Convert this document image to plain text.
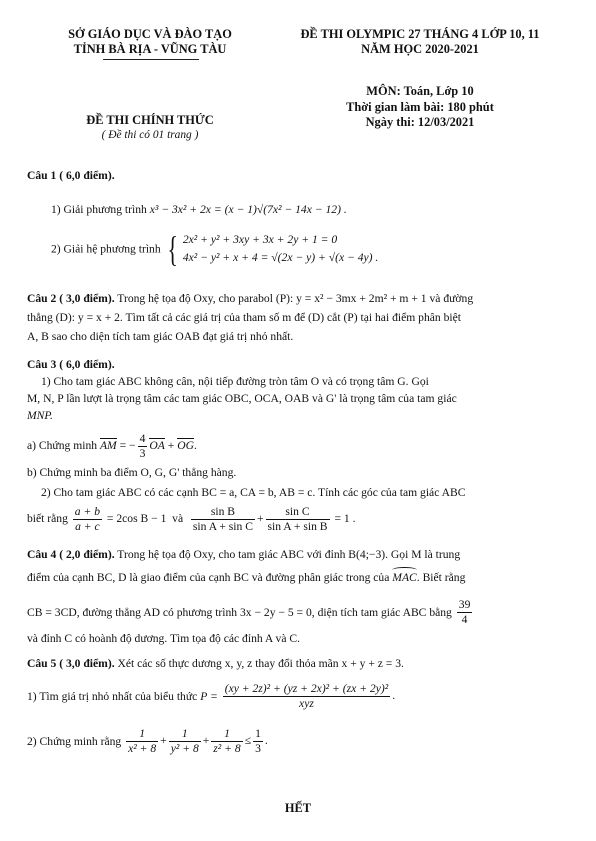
SỞ GIÁO DỤC VÀ ĐÀO TẠO
TỈNH BÀ RỊA - VŨNG TÀU
ĐỀ THI CHÍNH THỨC
( Đề thi có 01 trang )
ĐỀ THI OLYMPIC 27 THÁNG 4 LỚP 10, 11
NĂM HỌC 2020-2021
MÔN: Toán, Lớp 10
Thời gian làm bài: 180 phút
Ngày thi: 12/03/2021
Câu 1 ( 6,0 điểm).
1) Giải phương trình x³ − 3x² + 2x = (x − 1)√(7x² − 14x − 12) .
2) Giải hệ phương trình { 2x² + y² + 3xy + 3x + 2y + 1 = 0
4x² − y² + x + 4 = √(2x − y) + √(x − 4y) .
Câu 2 ( 3,0 điểm). Trong hệ tọa độ Oxy, cho parabol (P): y = x² − 3mx + 2m² + m + 1 và đường
thẳng (D): y = x + 2. Tìm tất cả các giá trị của tham số m để (D) cắt (P) tại hai điểm phân biệt
A, B sao cho diện tích tam giác OAB đạt giá trị nhỏ nhất.
Câu 3 ( 6,0 điểm).
1) Cho tam giác ABC không cân, nội tiếp đường tròn tâm O và có trọng tâm G. Gọi
M, N, P lần lượt là trọng tâm các tam giác OBC, OCA, OAB và G' là trọng tâm của tam giác
MNP.
a) Chứng minh AM = − $\frac{4}{3}$ OA + OG.
b) Chứng minh ba điểm O, G, G' thẳng hàng.
2) Cho tam giác ABC có các cạnh BC = a, CA = b, AB = c. Tính các góc của tam giác ABC
biết rằng $\frac{a + b}{a + c} = 2\cos$ B − 1 và $\frac{\text{sin B}}{\text{sin A + sin C}} + \frac{\text{sin C}}{\text{sin A + sin B}} = 1$ .
Câu 4 ( 2,0 điểm). Trong hệ tọa độ Oxy, cho tam giác ABC với đỉnh B(4;−3). Gọi M là trung
điểm của cạnh BC, D là giao điểm của cạnh BC và đường phân giác trong của MAC. Biết rằng
CB = 3CD, đường thẳng AD có phương trình 3x − 2y − 5 = 0, diện tích tam giác ABC bằng $\frac{39}{4}$
và đỉnh C có hoành độ dương. Tìm tọa độ các đỉnh A và C.
Câu 5 ( 3,0 điểm). Xét các số thực dương x, y, z thay đổi thỏa mãn x + y + z = 3.
1) Tìm giá trị nhỏ nhất của biểu thức $P = \frac{\text{(xy + 2z)² + (yz + 2x)² + (zx + 2y)²}}{\text{xyz}}$ .
2) Chứng minh rằng $\frac{1}{\text{x² + 8}} + \frac{1}{\text{y² + 8}} + \frac{1}{\text{z² + 8}} \le \frac{1}{3}$ .
HẾT
